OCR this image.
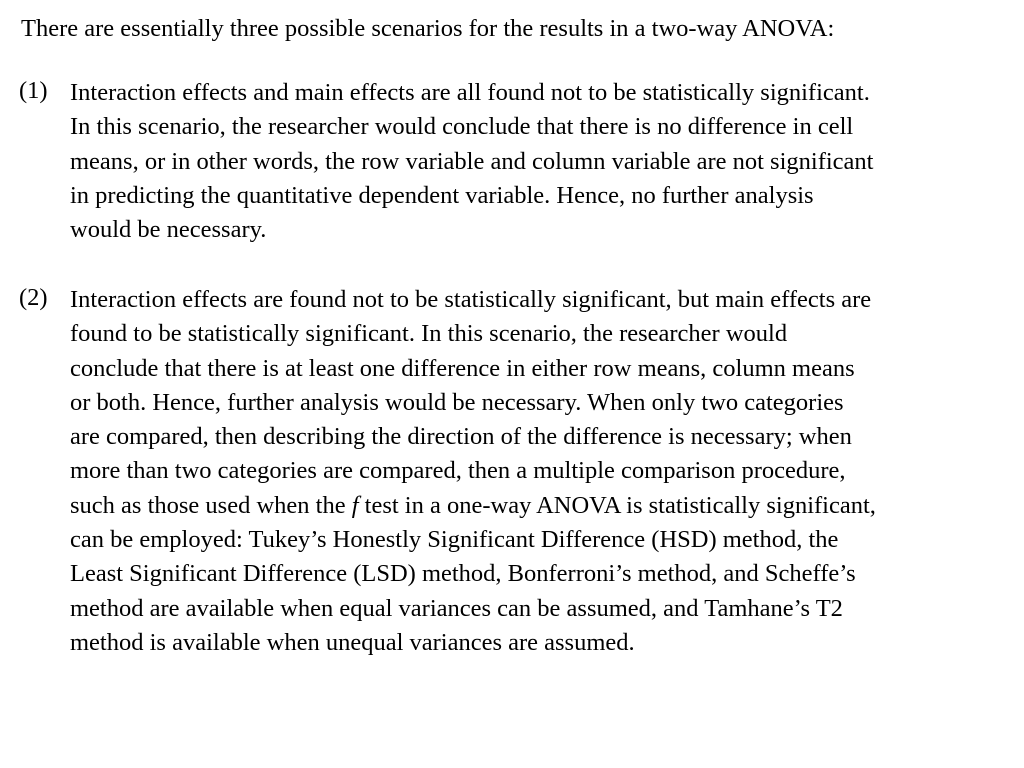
There are essentially three possible scenarios for the results in a two-way ANOVA:
(1) Interaction effects and main effects are all found not to be statistically significant.
In this scenario, the researcher would conclude that there is no difference in cell
means, or in other words, the row variable and column variable are not significant
in predicting the quantitative dependent variable. Hence, no further analysis
would be necessary.
(2) Interaction effects are found not to be statistically significant, but main effects are
found to be statistically significant. In this scenario, the researcher would
conclude that there is at least one difference in either row means, column means
or both. Hence, further analysis would be necessary. When only two categories
are compared, then describing the direction of the difference is necessary; when
more than two categories are compared, then a multiple comparison procedure,
such as those used when the f test in a one-way ANOVA is statistically significant,
can be employed: Tukey’s Honestly Significant Difference (HSD) method, the
Least Significant Difference (LSD) method, Bonferroni’s method, and Scheffe’s
method are available when equal variances can be assumed, and Tamhane’s T2
method is available when unequal variances are assumed.
